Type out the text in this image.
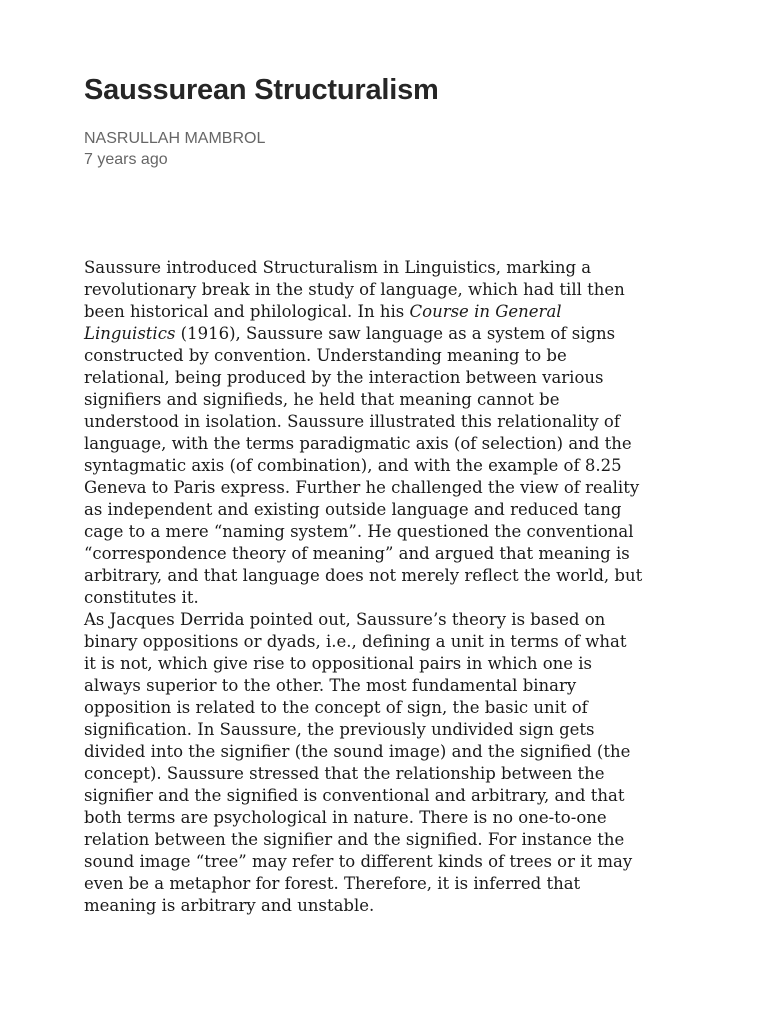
Saussurean Structuralism
NASRULLAH MAMBROL
7 years ago

Saussure introduced Structuralism in Linguistics, marking a
revolutionary break in the study of language, which had till then
been historical and philological. In his Course in General
Linguistics (1916), Saussure saw language as a system of signs
constructed by convention. Understanding meaning to be
relational, being produced by the interaction between various
signifiers and signifieds, he held that meaning cannot be
understood in isolation. Saussure illustrated this relationality of
language, with the terms paradigmatic axis (of selection) and the
syntagmatic axis (of combination), and with the example of 8.25
Geneva to Paris express. Further he challenged the view of reality
as independent and existing outside language and reduced tang
cage to a mere “naming system”. He questioned the conventional
“correspondence theory of meaning” and argued that meaning is
arbitrary, and that language does not merely reflect the world, but
constitutes it.

As Jacques Derrida pointed out, Saussure’s theory is based on
binary oppositions or dyads, i.e., defining a unit in terms of what
it is not, which give rise to oppositional pairs in which one is
always superior to the other. The most fundamental binary
opposition is related to the concept of sign, the basic unit of
signification. In Saussure, the previously undivided sign gets
divided into the signifier (the sound image) and the signified (the
concept). Saussure stressed that the relationship between the
signifier and the signified is conventional and arbitrary, and that
both terms are psychological in nature. There is no one-to-one
relation between the signifier and the signified. For instance the
sound image “tree” may refer to different kinds of trees or it may
even be a metaphor for forest. Therefore, it is inferred that
meaning is arbitrary and unstable.
